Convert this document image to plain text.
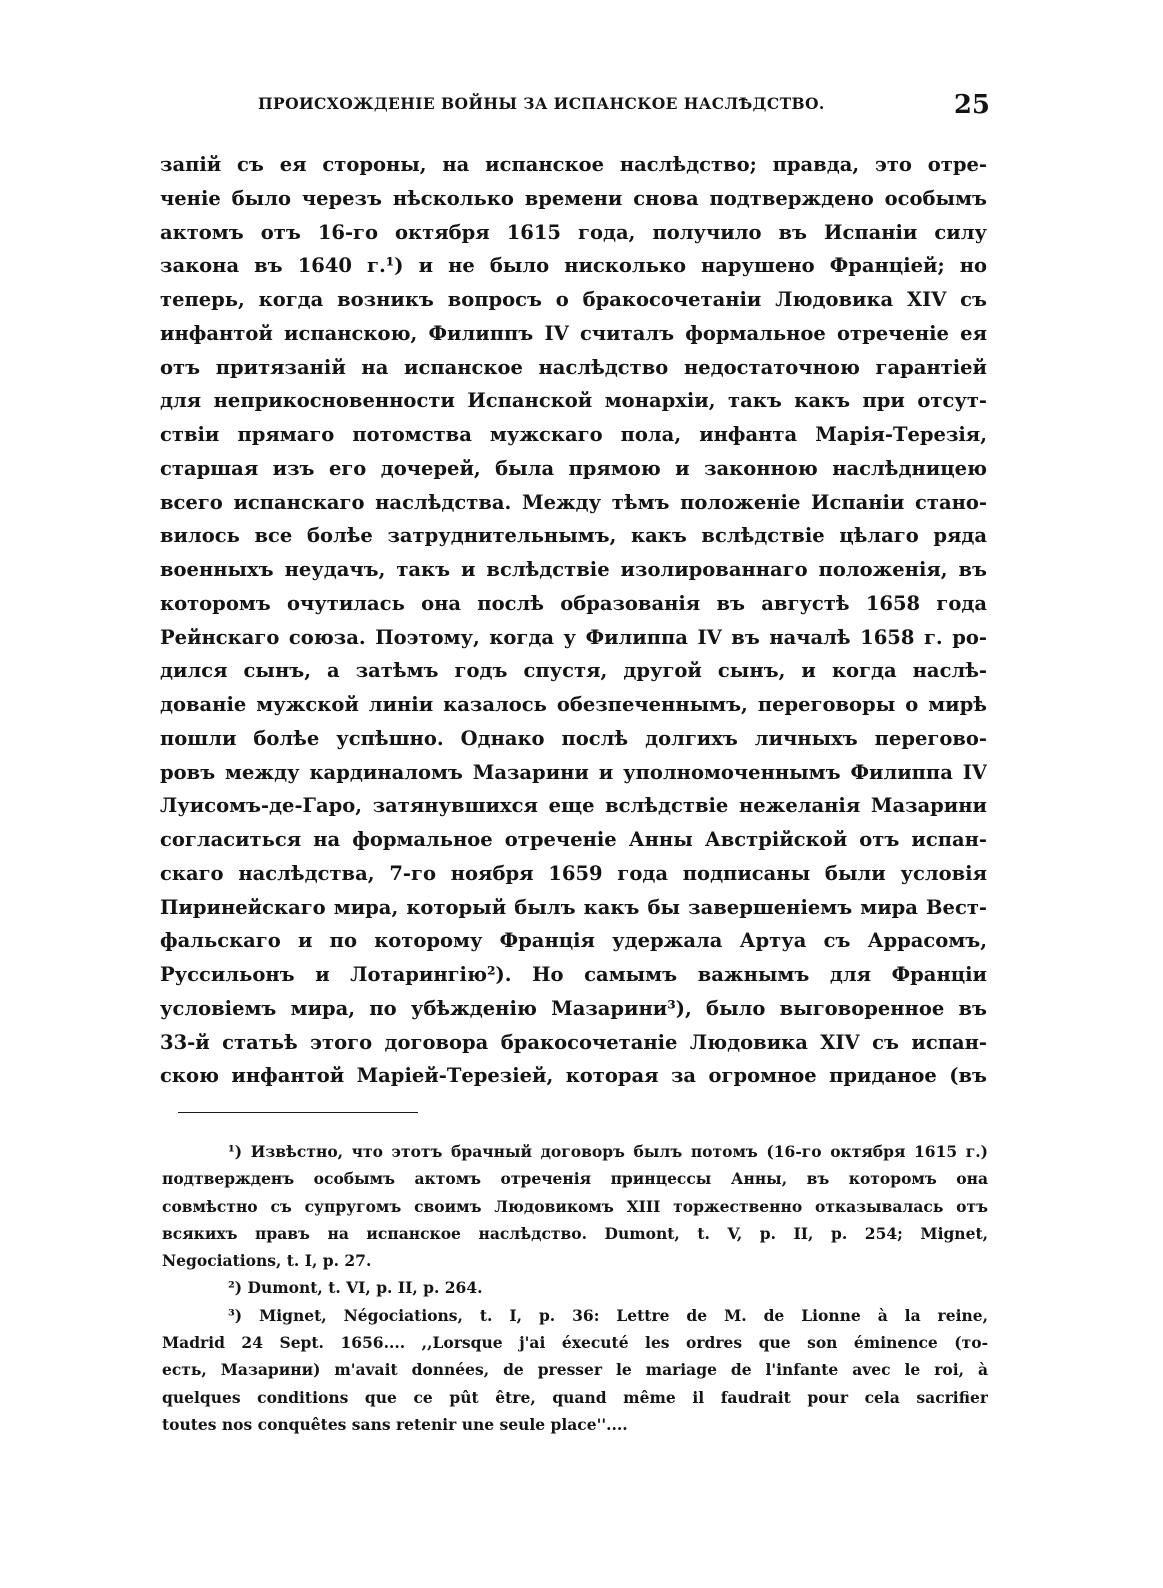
ПРОИСХОЖДЕНІЕ ВОЙНЫ ЗА ИСПАНСКОЕ НАСЛѢДСТВО.	25
запій съ ея стороны, на испанское наслѣдство; правда, это отре-
ченіе было черезъ нѣсколько времени снова подтверждено особымъ
актомъ отъ 16-го октября 1615 года, получило въ Испаніи силу
закона въ 1640 г.¹) и не было нисколько нарушено Франціей; но
теперь, когда возникъ вопросъ о бракосочетаніи Людовика XIV съ
инфантой испанскою, Филиппъ IV считалъ формальное отреченіе ея
отъ притязаній на испанское наслѣдство недостаточною гарантіей
для неприкосновенности Испанской монархіи, такъ какъ при отсут-
ствіи прямаго потомства мужскаго пола, инфанта Марія-Терезія,
старшая изъ его дочерей, была прямою и законною наслѣдницею
всего испанскаго наслѣдства. Между тѣмъ положеніе Испаніи стано-
вилось все болѣе затруднительнымъ, какъ вслѣдствіе цѣлаго ряда
военныхъ неудачъ, такъ и вслѣдствіе изолированнаго положенія, въ
которомъ очутилась она послѣ образованія въ августѣ 1658 года
Рейнскаго союза. Поэтому, когда у Филиппа IV въ началѣ 1658 г. ро-
дился сынъ, а затѣмъ годъ спустя, другой сынъ, и когда наслѣ-
дованіе мужской линіи казалось обезпеченнымъ, переговоры о мирѣ
пошли болѣе успѣшно. Однако послѣ долгихъ личныхъ перегово-
ровъ между кардиналомъ Мазарини и уполномоченнымъ Филиппа IV
Луисомъ-де-Гаро, затянувшихся еще вслѣдствіе нежеланія Мазарини
согласиться на формальное отреченіе Анны Австрійской отъ испан-
скаго наслѣдства, 7-го ноября 1659 года подписаны были условія
Пиринейскаго мира, который былъ какъ бы завершеніемъ мира Вест-
фальскаго и по которому Франція удержала Артуа съ Аррасомъ,
Руссильонъ и Лотарингію²). Но самымъ важнымъ для Франціи
условіемъ мира, по убѣжденію Мазарини³), было выговоренное въ
33-й статьѣ этого договора бракосочетаніе Людовика XIV съ испан-
скою инфантой Маріей-Терезіей, которая за огромное приданое (въ
¹) Извѣстно, что этотъ брачный договоръ былъ потомъ (16-го октября 1615 г.)
подтвержденъ особымъ актомъ отреченія принцессы Анны, въ которомъ она
совмѣстно съ супругомъ своимъ Людовикомъ XIII торжественно отказывалась отъ
всякихъ правъ на испанское наслѣдство. Dumont, t. V, p. II, p. 254; Mignet,
Negociations, t. I, p. 27.
²) Dumont, t. VI, p. II, p. 264.
³) Mignet, Négociations, t. I, p. 36: Lettre de M. de Lionne à la reine,
Madrid 24 Sept. 1656.... ,,Lorsque j'ai éxecuté les ordres que son éminence (то-
есть, Мазарини) m'avait données, de presser le mariage de l'infante avec le roi, à
quelques conditions que ce pût être, quand même il faudrait pour cela sacrifier
toutes nos conquêtes sans retenir une seule place''....
